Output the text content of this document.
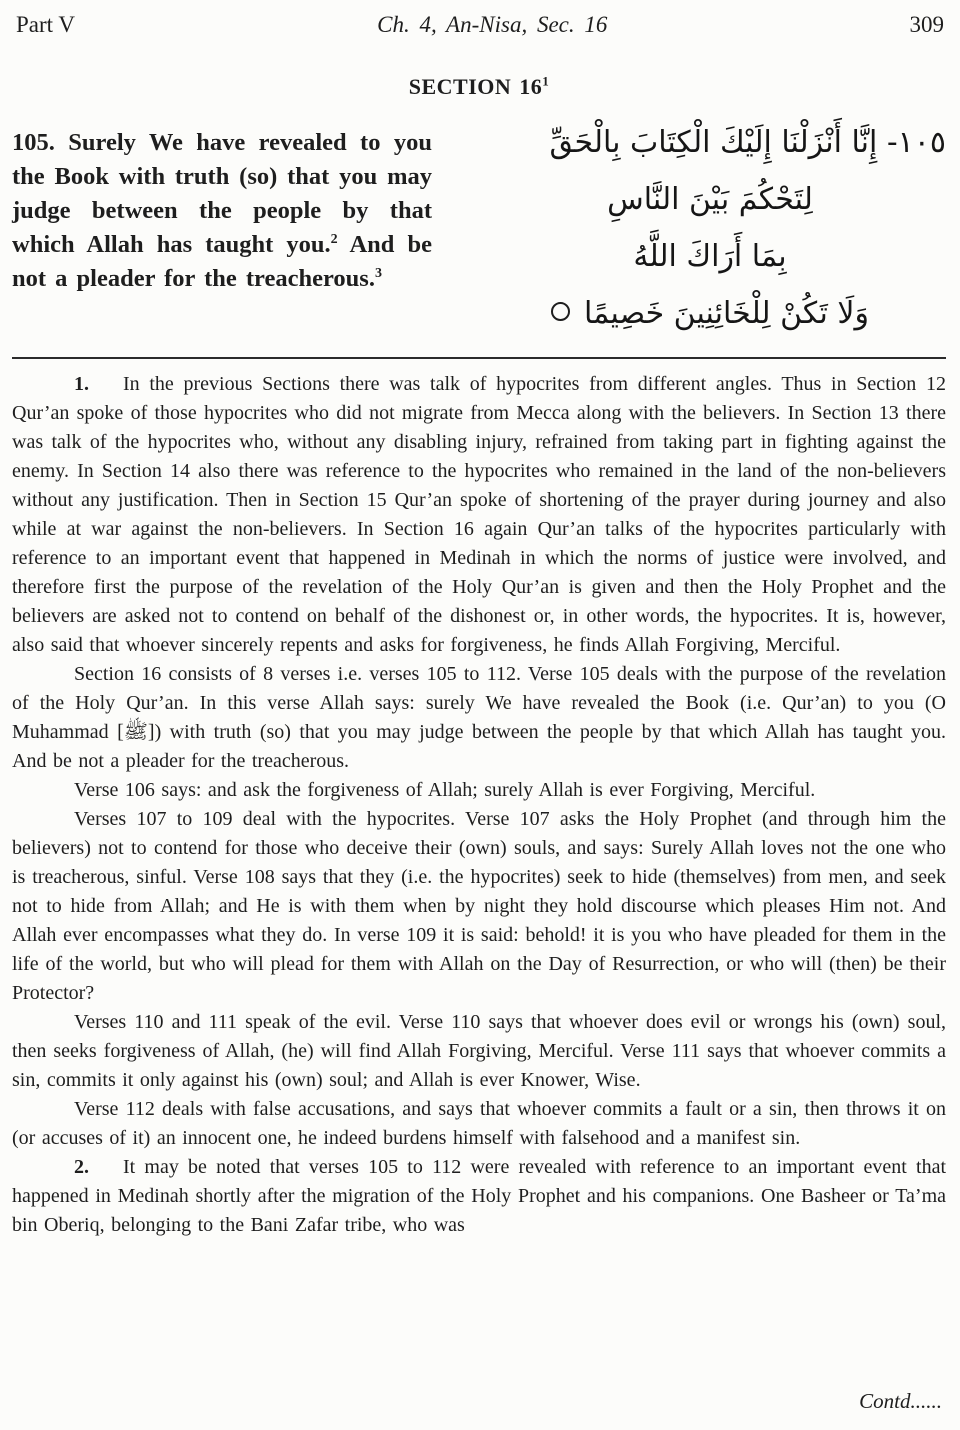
Part V	Ch. 4, An-Nisa, Sec. 16	309
SECTION $16^1$
105. Surely We have revealed to you the Book with truth (so) that you may judge between the people by that which Allah has taught you.$^2$ And be not a pleader for the treacherous.$^3$
١٠٥- إِنَّا أَنْزَلْنَا إِلَيْكَ الْكِتَابَ بِالْحَقِّ
لِتَحْكُمَ بَيْنَ النَّاسِ
بِمَا أَرَاكَ اللَّهُ
وَلَا تَكُنْ لِلْخَائِنِينَ خَصِيمًا

1. In the previous Sections there was talk of hypocrites from different angles. Thus in Section 12 Qur’an spoke of those hypocrites who did not migrate from Mecca along with the believers. In Section 13 there was talk of the hypocrites who, without any disabling injury, refrained from taking part in fighting against the enemy. In Section 14 also there was reference to the hypocrites who remained in the land of the non-believers without any justification. Then in Section 15 Qur’an spoke of shortening of the prayer during journey and also while at war against the non-believers. In Section 16 again Qur’an talks of the hypocrites particularly with reference to an important event that happened in Medinah in which the norms of justice were involved, and therefore first the purpose of the revelation of the Holy Qur’an is given and then the Holy Prophet and the believers are asked not to contend on behalf of the dishonest or, in other words, the hypocrites. It is, however, also said that whoever sincerely repents and asks for forgiveness, he finds Allah Forgiving, Merciful.

Section 16 consists of 8 verses i.e. verses 105 to 112. Verse 105 deals with the purpose of the revelation of the Holy Qur’an. In this verse Allah says: surely We have revealed the Book (i.e. Qur’an) to you (O Muhammad [ﷺ]) with truth (so) that you may judge between the people by that which Allah has taught you. And be not a pleader for the treacherous.

Verse 106 says: and ask the forgiveness of Allah; surely Allah is ever Forgiving, Merciful.

Verses 107 to 109 deal with the hypocrites. Verse 107 asks the Holy Prophet (and through him the believers) not to contend for those who deceive their (own) souls, and says: Surely Allah loves not the one who is treacherous, sinful. Verse 108 says that they (i.e. the hypocrites) seek to hide (themselves) from men, and seek not to hide from Allah; and He is with them when by night they hold discourse which pleases Him not. And Allah ever encompasses what they do. In verse 109 it is said: behold! it is you who have pleaded for them in the life of the world, but who will plead for them with Allah on the Day of Resurrection, or who will (then) be their Protector?

Verses 110 and 111 speak of the evil. Verse 110 says that whoever does evil or wrongs his (own) soul, then seeks forgiveness of Allah, (he) will find Allah Forgiving, Merciful. Verse 111 says that whoever commits a sin, commits it only against his (own) soul; and Allah is ever Knower, Wise.

Verse 112 deals with false accusations, and says that whoever commits a fault or a sin, then throws it on (or accuses of it) an innocent one, he indeed burdens himself with falsehood and a manifest sin.

2. It may be noted that verses 105 to 112 were revealed with reference to an important event that happened in Medinah shortly after the migration of the Holy Prophet and his companions. One Basheer or Ta’ma bin Oberiq, belonging to the Bani Zafar tribe, who was

Contd......
